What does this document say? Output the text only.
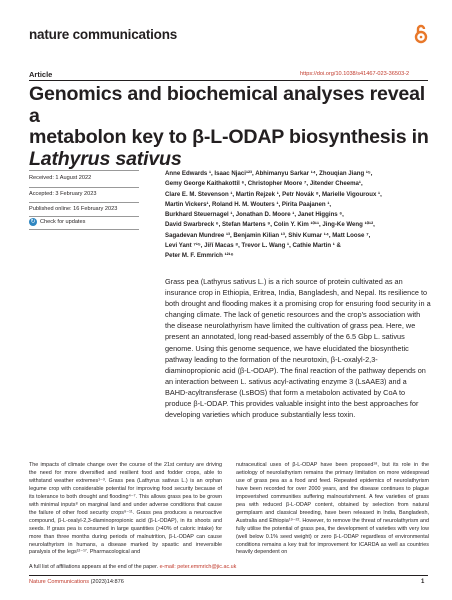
nature communications
Article	https://doi.org/10.1038/s41467-023-36503-2
Genomics and biochemical analyses reveal a
metabolon key to β-L-ODAP biosynthesis in
Lathyrus sativus
Received: 1 August 2022
Accepted: 3 February 2023
Published online: 16 February 2023
↻ Check for updates
Anne Edwards ¹, Isaac Njaci¹²³, Abhimanyu Sarkar ¹⁴, Zhouqian Jiang ¹⁵,
Gemy George Kaithakottil ⁶, Christopher Moore ⁷, Jitender Cheema¹,
Clare E. M. Stevenson ¹, Martin Rejzek ¹, Petr Novák ⁸, Marielle Vigouroux ¹,
Martin Vickers¹, Roland H. M. Wouters ¹, Pirita Paajanen ¹,
Burkhard Steuernagel ¹, Jonathan D. Moore ¹, Janet Higgins ⁶,
David Swarbreck ⁶, Stefan Martens ⁹, Colin Y. Kim ¹⁰¹¹, Jing-Ke Weng ¹⁰¹²,
Sagadevan Mundree ¹³, Benjamin Kilian ¹³, Shiv Kumar ¹⁴, Matt Loose ⁷,
Levi Yant ⁷¹⁵, Jiří Macas ⁸, Trevor L. Wang ¹, Cathie Martin ¹ &
Peter M. F. Emmrich ¹²¹⁶

Grass pea (Lathyrus sativus L.) is a rich source of protein cultivated as an insurance crop in Ethiopia, Eritrea, India, Bangladesh, and Nepal. Its resilience to both drought and flooding makes it a promising crop for ensuring food security in a changing climate. The lack of genetic resources and the crop's association with the disease neurolathyrism have limited the cultivation of grass pea. Here, we present an annotated, long read-based assembly of the 6.5 Gbp L. sativus genome. Using this genome sequence, we have elucidated the biosynthetic pathway leading to the formation of the neurotoxin, β-L-oxalyl-2,3-diaminopropionic acid (β-L-ODAP). The final reaction of the pathway depends on an interaction between L. sativus acyl-activating enzyme 3 (LsAAE3) and a BAHD-acyltransferase (LsBOS) that form a metabolon activated by CoA to produce β-L-ODAP. This provides valuable insight into the best approaches for developing varieties which produce substantially less toxin.

The impacts of climate change over the course of the 21st century are driving the need for more diversified and resilient food and fodder crops, able to withstand weather extremes¹⁻³. Grass pea (Lathyrus sativus L.) is an orphan legume crop with considerable potential for improving food security because of its tolerance to both drought and flooding⁴⁻⁷. This allows grass pea to be grown with minimal inputs⁸ on marginal land and under adverse conditions that cause the failure of other food security crops⁹⁻¹¹. Grass pea produces a neuroactive compound, β-L-oxalyl-2,3-diaminopropionic acid (β-L-ODAP), in its shoots and seeds. If grass pea is consumed in large quantities (>40% of caloric intake) for more than three months during periods of malnutrition, β-L-ODAP can cause neurolathyrism in humans, a disease marked by spastic and irreversible paralysis of the legs¹²⁻¹⁷. Pharmacological and

nutraceutical uses of β-L-ODAP have been proposed¹⁸, but its role in the aetiology of neurolathyrism remains the primary limitation on more widespread use of grass pea as a food and feed. Repeated epidemics of neurolathyrism have been recorded for over 2000 years, and the disease continues to plague impoverished communities suffering malnourishment. A few varieties of grass pea with reduced β-L-ODAP content, obtained by selection from natural germplasm and classical breeding, have been released in India, Bangladesh, Australia and Ethiopia¹⁹⁻²². However, to remove the threat of neurolathyrism and fully utilise the potential of grass pea, the development of varieties with very low (well below 0.1% seed weight) or zero β-L-ODAP regardless of environmental conditions remains a key trait for improvement for ICARDA as well as countries heavily dependent on

A full list of affiliations appears at the end of the paper. e-mail: peter.emmrich@jic.ac.uk
Nature Communications (2023)14:876	1
